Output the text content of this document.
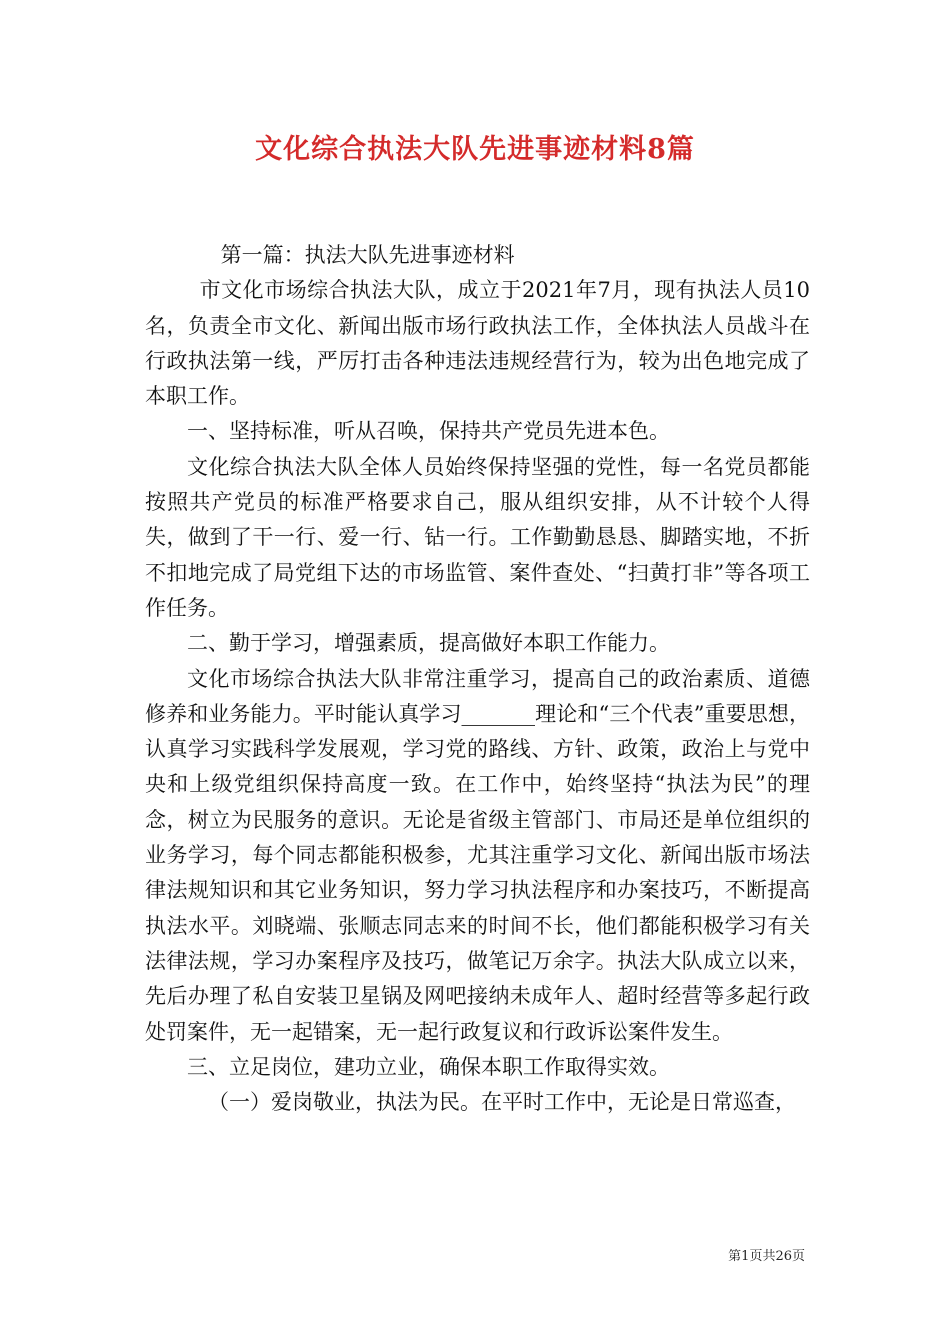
文化综合执法大队先进事迹材料8篇

第一篇：执法大队先进事迹材料

市文化市场综合执法大队，成立于2021年7月，现有执法人员10名，负责全市文化、新闻出版市场行政执法工作，全体执法人员战斗在行政执法第一线，严厉打击各种违法违规经营行为，较为出色地完成了本职工作。

一、坚持标准，听从召唤，保持共产党员先进本色。

文化综合执法大队全体人员始终保持坚强的党性，每一名党员都能按照共产党员的标准严格要求自己，服从组织安排，从不计较个人得失，做到了干一行、爱一行、钻一行。工作勤勤恳恳、脚踏实地，不折不扣地完成了局党组下达的市场监管、案件查处、“扫黄打非”等各项工作任务。

二、勤于学习，增强素质，提高做好本职工作能力。

文化市场综合执法大队非常注重学习，提高自己的政治素质、道德修养和业务能力。平时能认真学习_______理论和“三个代表”重要思想，认真学习实践科学发展观，学习党的路线、方针、政策，政治上与党中央和上级党组织保持高度一致。在工作中，始终坚持“执法为民”的理念，树立为民服务的意识。无论是省级主管部门、市局还是单位组织的业务学习，每个同志都能积极参，尤其注重学习文化、新闻出版市场法律法规知识和其它业务知识，努力学习执法程序和办案技巧，不断提高执法水平。刘晓端、张顺志同志来的时间不长，他们都能积极学习有关法律法规，学习办案程序及技巧，做笔记万余字。执法大队成立以来，先后办理了私自安装卫星锅及网吧接纳未成年人、超时经营等多起行政处罚案件，无一起错案，无一起行政复议和行政诉讼案件发生。

三、立足岗位，建功立业，确保本职工作取得实效。

（一）爱岗敬业，执法为民。在平时工作中，无论是日常巡查，

第1页共26页
